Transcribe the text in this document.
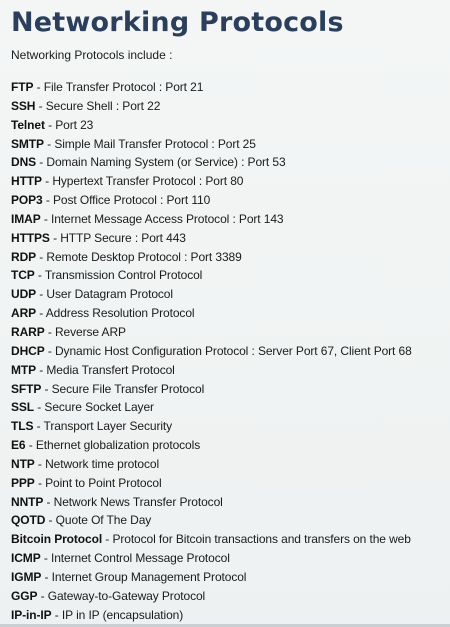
Networking Protocols

Networking Protocols include :

FTP - File Transfer Protocol : Port 21
SSH - Secure Shell : Port 22
Telnet - Port 23
SMTP - Simple Mail Transfer Protocol : Port 25
DNS - Domain Naming System (or Service) : Port 53
HTTP - Hypertext Transfer Protocol : Port 80
POP3 - Post Office Protocol : Port 110
IMAP - Internet Message Access Protocol : Port 143
HTTPS - HTTP Secure : Port 443
RDP - Remote Desktop Protocol : Port 3389
TCP - Transmission Control Protocol
UDP - User Datagram Protocol
ARP - Address Resolution Protocol
RARP - Reverse ARP
DHCP - Dynamic Host Configuration Protocol : Server Port 67, Client Port 68
MTP - Media Transfert Protocol
SFTP - Secure File Transfer Protocol
SSL - Secure Socket Layer
TLS - Transport Layer Security
E6 - Ethernet globalization protocols
NTP - Network time protocol
PPP - Point to Point Protocol
NNTP - Network News Transfer Protocol
QOTD - Quote Of The Day
Bitcoin Protocol - Protocol for Bitcoin transactions and transfers on the web
ICMP - Internet Control Message Protocol
IGMP - Internet Group Management Protocol
GGP - Gateway-to-Gateway Protocol
IP-in-IP - IP in IP (encapsulation)
